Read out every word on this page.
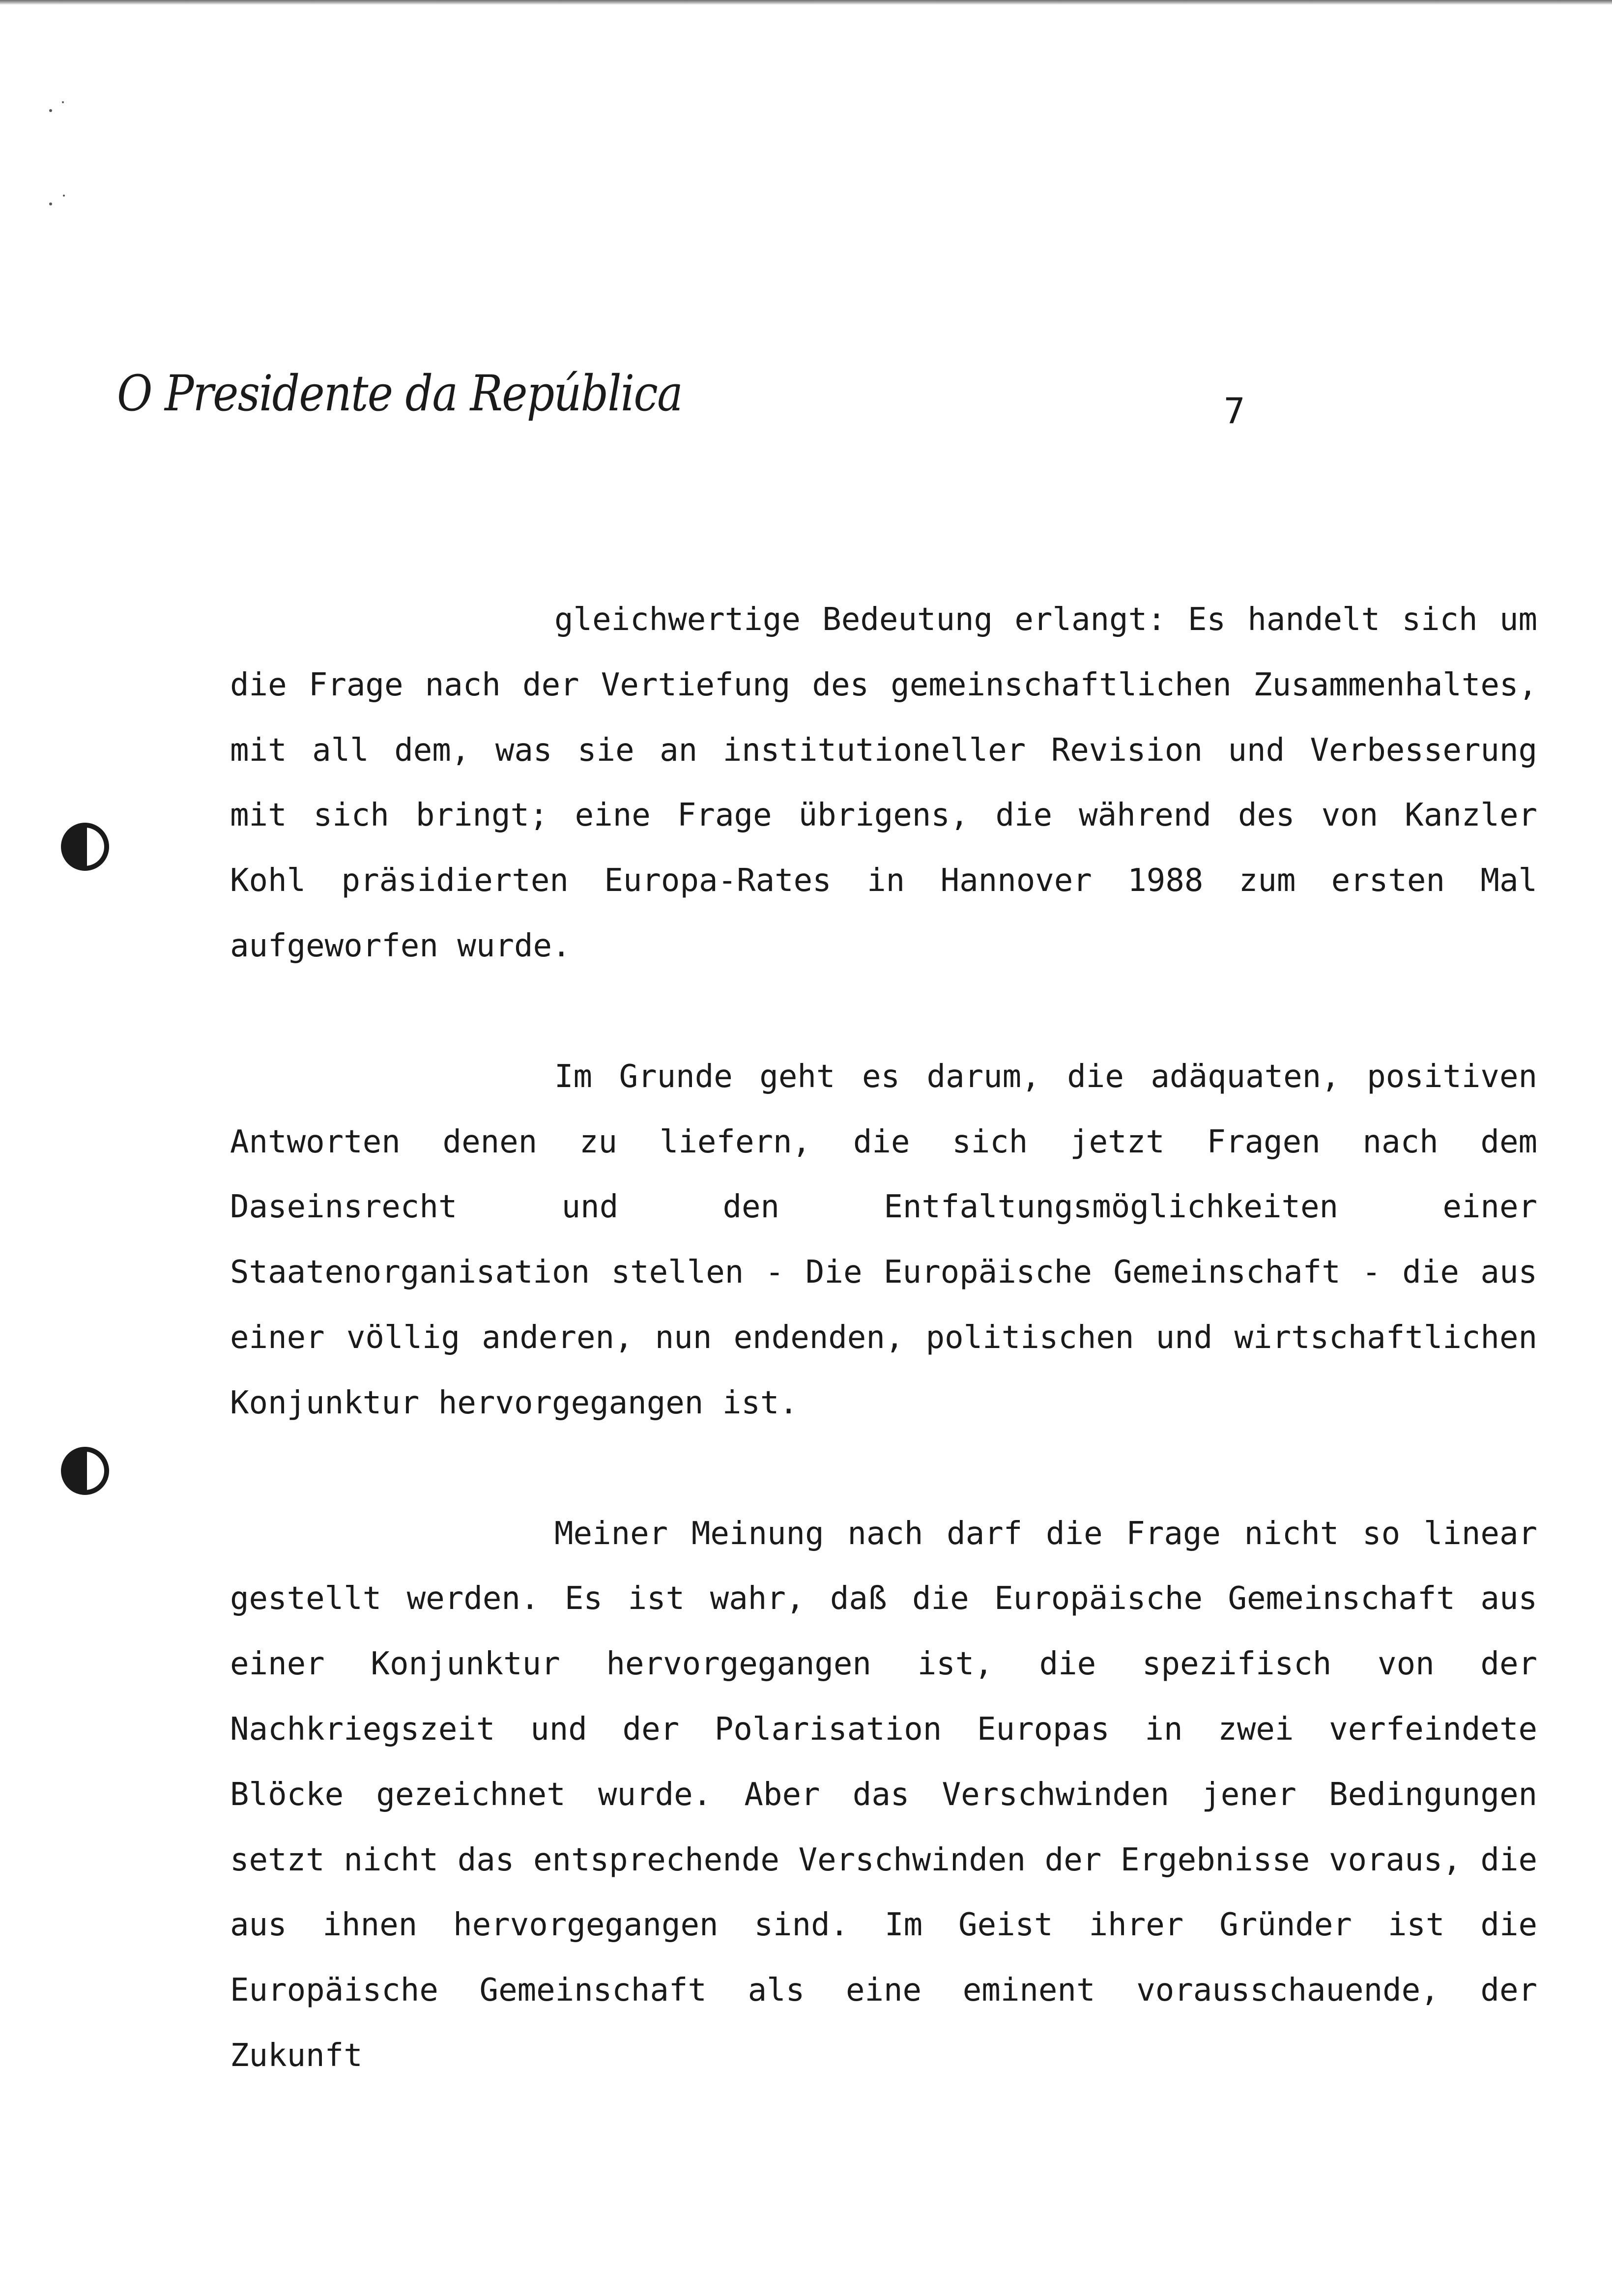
O Presidente da República	7

gleichwertige Bedeutung erlangt: Es handelt sich um die Frage nach der Vertiefung des gemeinschaftlichen Zusammenhaltes, mit all dem, was sie an institutioneller Revision und Verbesserung mit sich bringt; eine Frage übrigens, die während des von Kanzler Kohl präsidierten Europa-Rates in Hannover 1988 zum ersten Mal aufgeworfen wurde.

Im Grunde geht es darum, die adäquaten, positiven Antworten denen zu liefern, die sich jetzt Fragen nach dem Daseinsrecht und den Entfaltungsmöglichkeiten einer Staatenorganisation stellen - Die Europäische Gemeinschaft - die aus einer völlig anderen, nun endenden, politischen und wirtschaftlichen Konjunktur hervorgegangen ist.

Meiner Meinung nach darf die Frage nicht so linear gestellt werden. Es ist wahr, daß die Europäische Gemeinschaft aus einer Konjunktur hervorgegangen ist, die spezifisch von der Nachkriegszeit und der Polarisation Europas in zwei verfeindete Blöcke gezeichnet wurde. Aber das Verschwinden jener Bedingungen setzt nicht das entsprechende Verschwinden der Ergebnisse voraus, die aus ihnen hervorgegangen sind. Im Geist ihrer Gründer ist die Europäische Gemeinschaft als eine eminent vorausschauende, der Zukunft
